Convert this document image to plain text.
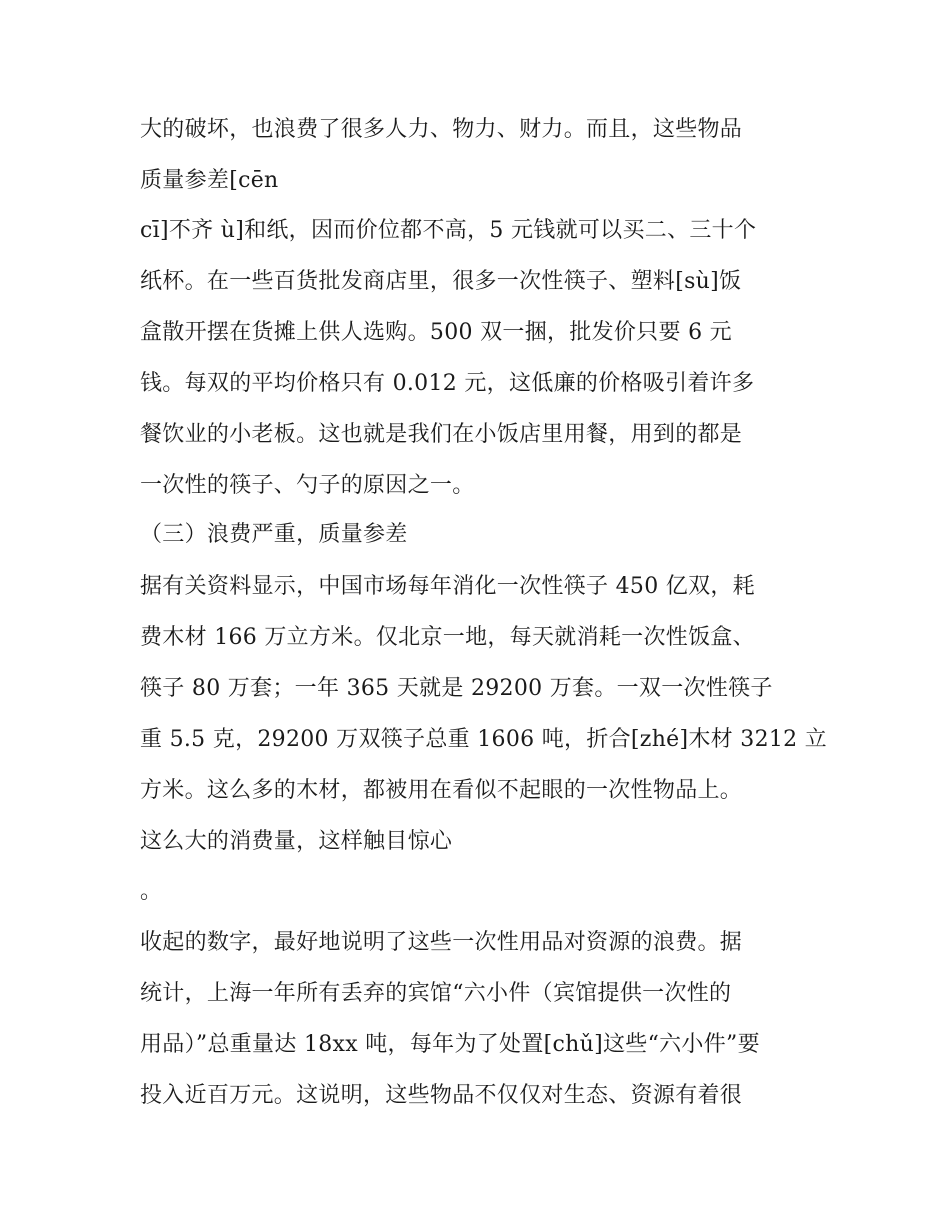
大的破坏，也浪费了很多人力、物力、财力。而且，这些物品
质量参差[cēn
cī]不齐 ù]和纸，因而价位都不高，5 元钱就可以买二、三十个
纸杯。在一些百货批发商店里，很多一次性筷子、塑料[sù]饭
盒散开摆在货摊上供人选购。500 双一捆，批发价只要 6 元
钱。每双的平均价格只有 0.012 元，这低廉的价格吸引着许多
餐饮业的小老板。这也就是我们在小饭店里用餐，用到的都是
一次性的筷子、勺子的原因之一。
（三）浪费严重，质量参差
据有关资料显示，中国市场每年消化一次性筷子 450 亿双，耗
费木材 166 万立方米。仅北京一地，每天就消耗一次性饭盒、
筷子 80 万套；一年 365 天就是 29200 万套。一双一次性筷子
重 5.5 克，29200 万双筷子总重 1606 吨，折合[zhé]木材 3212 立
方米。这么多的木材，都被用在看似不起眼的一次性物品上。
这么大的消费量，这样触目惊心
。
收起的数字，最好地说明了这些一次性用品对资源的浪费。据
统计，上海一年所有丢弃的宾馆“六小件（宾馆提供一次性的
用品）”总重量达 18xx 吨，每年为了处置[chǔ]这些“六小件”要
投入近百万元。这说明，这些物品不仅仅对生态、资源有着很
